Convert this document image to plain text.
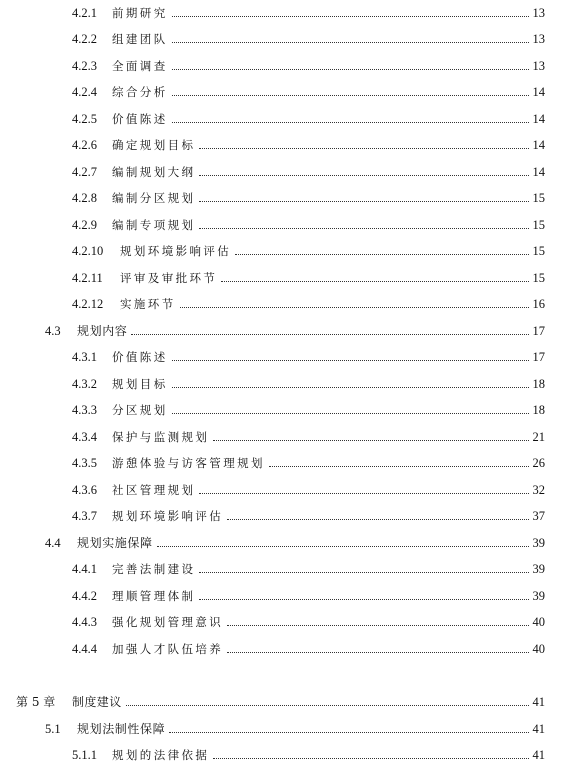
4.2.1	前期研究	13
4.2.2	组建团队	13
4.2.3	全面调查	13
4.2.4	综合分析	14
4.2.5	价值陈述	14
4.2.6	确定规划目标	14
4.2.7	编制规划大纲	14
4.2.8	编制分区规划	15
4.2.9	编制专项规划	15
4.2.10	规划环境影响评估	15
4.2.11	评审及审批环节	15
4.2.12	实施环节	16
4.3	规划内容	17
4.3.1	价值陈述	17
4.3.2	规划目标	18
4.3.3	分区规划	18
4.3.4	保护与监测规划	21
4.3.5	游憩体验与访客管理规划	26
4.3.6	社区管理规划	32
4.3.7	规划环境影响评估	37
4.4	规划实施保障	39
4.4.1	完善法制建设	39
4.4.2	理顺管理体制	39
4.4.3	强化规划管理意识	40
4.4.4	加强人才队伍培养	40
第 5 章	制度建议	41
5.1	规划法制性保障	41
5.1.1	规划的法律依据	41
